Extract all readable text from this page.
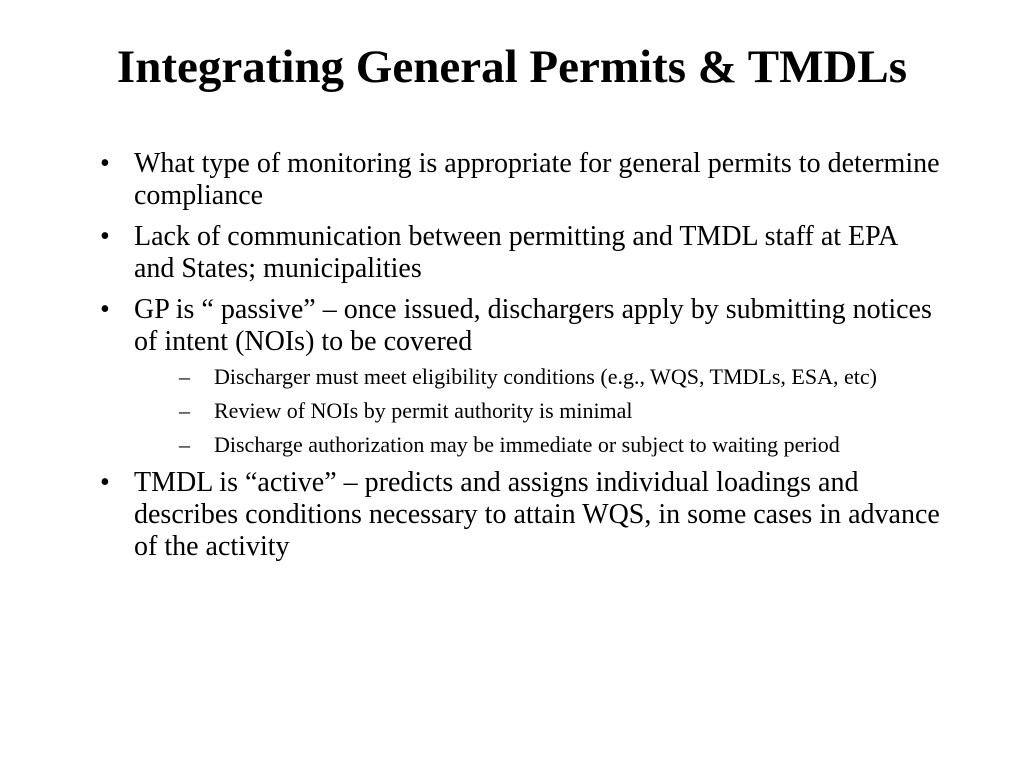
Integrating General Permits & TMDLs
• What type of monitoring is appropriate for general permits to determine compliance
• Lack of communication between permitting and TMDL staff at EPA and States; municipalities
• GP is “ passive” – once issued, dischargers apply by submitting notices of intent (NOIs) to be covered
–	Discharger must meet eligibility conditions (e.g., WQS, TMDLs, ESA, etc)
–	Review of NOIs by permit authority is minimal
–	Discharge authorization may be immediate or subject to waiting period
• TMDL is “active” – predicts and assigns individual loadings and describes conditions necessary to attain WQS, in some cases in advance of the activity
